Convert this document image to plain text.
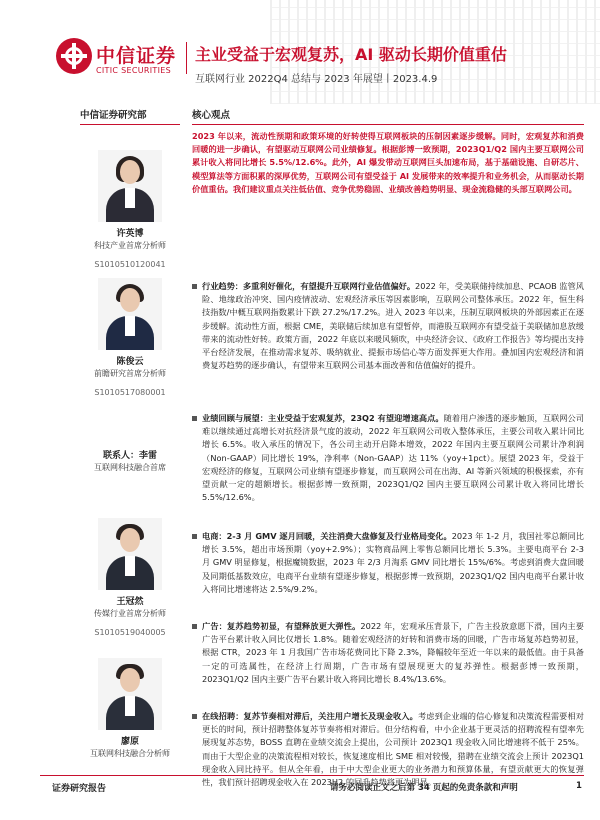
中信证券
CITIC SECURITIES
主业受益于宏观复苏，AI 驱动长期价值重估
互联网行业 2022Q4 总结与 2023 年展望丨2023.4.9
中信证券研究部	核心观点
许英博
科技产业首席分析师
S1010510120041
陈俊云
前瞻研究首席分析师
S1010517080001
联系人：李雷
互联网科技融合首席
王冠然
传媒行业首席分析师
S1010519040005
廖原
互联网科技融合分析师
2023 年以来，流动性预期和政策环境的好转使得互联网板块的压制因素逐步缓解。同时，宏观复苏和消费回暖的进一步确认，有望驱动互联网公司业绩修复。根据彭博一致预期，2023Q1/Q2 国内主要互联网公司累计收入将同比增长 5.5%/12.6%。此外，AI 爆发带动互联网巨头加速布局，基于基础设施、自研芯片、模型算法等方面积累的深厚优势，互联网公司有望受益于 AI 发展带来的效率提升和业务机会，从而驱动长期价值重估。我们建议重点关注低估值、竞争优势稳固、业绩改善趋势明显、现金流稳健的头部互联网公司。
行业趋势：多重利好催化，有望提升互联网行业估值偏好。2022 年，受美联储持续加息、PCAOB 监管风险、地缘政治冲突、国内疫情波动、宏观经济承压等因素影响，互联网公司整体承压。2022 年，恒生科技指数/中概互联网指数累计下跌 27.2%/17.2%。进入 2023 年以来，压制互联网板块的外部因素正在逐步缓解。流动性方面，根据 CME，美联储后续加息有望暂停，而港股互联网亦有望受益于美联储加息放缓带来的流动性好转。政策方面，2022 年底以来暖风频吹，中央经济会议、《政府工作报告》等均提出支持平台经济发展，在推动需求复苏、吸纳就业、提振市场信心等方面发挥更大作用。叠加国内宏观经济和消费复苏趋势的逐步确认，有望带来互联网公司基本面改善和估值偏好的提升。
业绩回顾与展望：主业受益于宏观复苏，23Q2 有望迎增速高点。随着用户渗透的逐步触顶，互联网公司难以继续通过高增长对抗经济景气度的波动，2022 年互联网公司收入整体承压，主要公司收入累计同比增长 6.5%。收入承压的情况下，各公司主动开启降本增效，2022 年国内主要互联网公司累计净利润（Non-GAAP）同比增长 19%，净利率（Non-GAAP）达 11%（yoy+1pct）。展望 2023 年，受益于宏观经济的修复，互联网公司业绩有望逐步修复，而互联网公司在出海、AI 等新兴领域的积极探索，亦有望贡献一定的超额增长。根据彭博一致预期，2023Q1/Q2 国内主要互联网公司累计收入将同比增长 5.5%/12.6%。
电商：2-3 月 GMV 逐月回暖，关注消费大盘修复及行业格局变化。2023 年 1-2 月，我国社零总额同比增长 3.5%，超出市场预期（yoy+2.9%）；实物商品网上零售总额同比增长 5.3%。主要电商平台 2-3 月 GMV 明显修复，根据魔镜数据，2023 年 2/3 月淘系 GMV 同比增长 15%/6%。考虑到消费大盘回暖及同期低基数效应，电商平台业绩有望逐步修复，根据彭博一致预期，2023Q1/Q2 国内电商平台累计收入将同比增速将达 2.5%/9.2%。
广告：复苏趋势初显，有望释放更大弹性。2022 年，宏观承压背景下，广告主投放意愿下滑，国内主要广告平台累计收入同比仅增长 1.8%。随着宏观经济的好转和消费市场的回暖，广告市场复苏趋势初显，根据 CTR，2023 年 1 月我国广告市场花费同比下降 2.3%，降幅较年至近一年以来的最低值。由于具备一定的可选属性，在经济上行周期，广告市场有望展现更大的复苏弹性。根据彭博一致预期，2023Q1/Q2 国内主要广告平台累计收入将同比增长 8.4%/13.6%。
在线招聘：复苏节奏相对滞后，关注用户增长及现金收入。考虑到企业端的信心修复和决策流程需要相对更长的时间，预计招聘整体复苏节奏将相对滞后。但分结构看，中小企业基于更灵活的招聘流程有望率先展现复苏态势，BOSS 直聘在业绩交流会上提出，公司预计 2023Q1 现金收入同比增速将不低于 25%。而由于大型企业的决策流程相对较长，恢复速度相比 SME 相对较慢，猎聘在业绩交流会上预计 2023Q1 现金收入同比持平。但从全年看，由于中大型企业更大的业务潜力和预算体量，有望贡献更大的恢复弹性，我们预计招聘现金收入在 2023H2 的回升趋势将更为明显。
证券研究报告	请务必阅读正文之后第 34 页起的免责条款和声明	1
